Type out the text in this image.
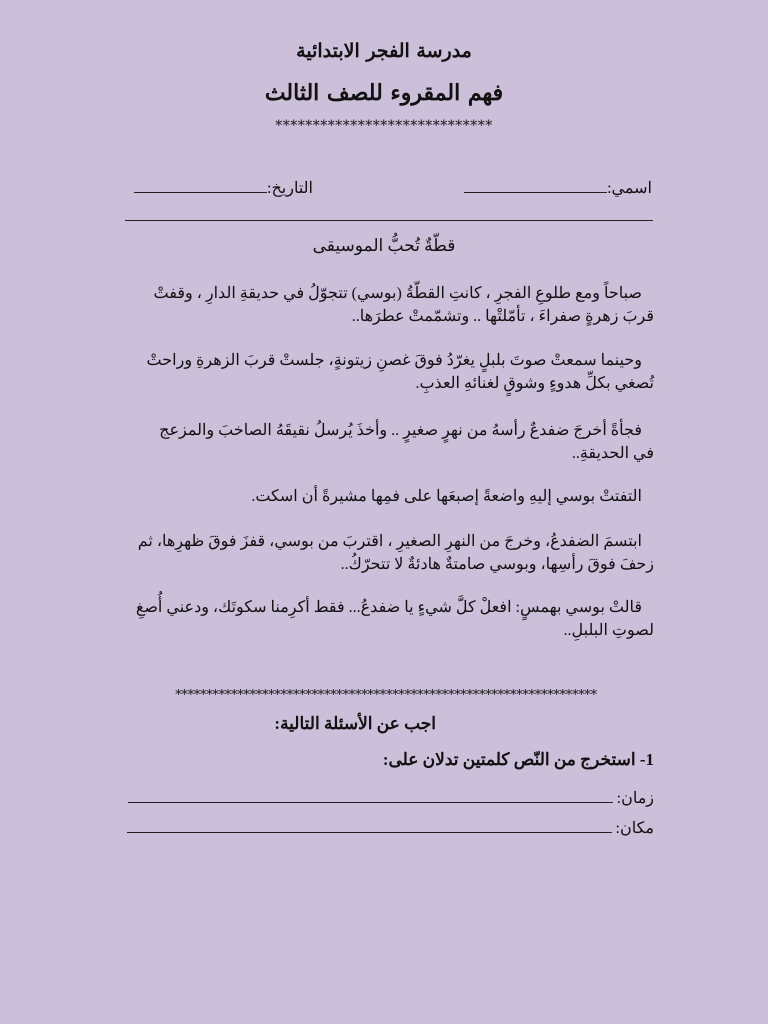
مدرسة الفجر الابتدائية
فهم المقروء للصف الثالث
*****************************
اسمي:
التاريخ:
قطّةٌ تُحبُّ الموسيقى
صباحاً ومع طلوعِ الفجرِ ، كانتِ القطّةُ (بوسي) تتجوّلُ في حديقةِ الدارِ ، وقفتْ
قربَ زهرةٍ صفراءَ ، تأمّلتْها .. وتشمّمتْ عطرَها..
وحينما سمعتْ صوتَ بلبلٍ يغرّدُ فوقَ غصنِ زيتونةٍ، جلستْ قربَ الزهرةِ وراحتْ
تُصغي بكلِّ هدوءٍ وشوقٍ لغنائهِ العذبِ.
فجأةً أخرجَ ضفدعٌ رأسهُ من نهرٍ صغيرٍ .. وأخذَ يُرسلُ نقيقَهُ الصاخبَ والمزعج
في الحديقةِ..
التفتتْ بوسي إليهِ واضعةً إصبعَها على فمِها مشيرةً أن اسكت.
ابتسمَ الضفدعُ، وخرجَ من النهرِ الصغيرِ ، اقتربَ من بوسي، قفزَ فوقَ ظهرِها، ثم
زحفَ فوقَ رأسِها، وبوسي صامتةٌ هادئةٌ لا تتحرّكُ..
قالتْ بوسي بهمسٍ: افعلْ كلَّ شيءٍ يا ضفدعُ... فقط أكرِمنا سكوتَك، ودعني أُصغِ
لصوتِ البلبلِ..
********************************************************************
اجب عن الأسئلة التالية:
1- استخرج من النّص كلمتين تدلان على:
زمان:
مكان:
